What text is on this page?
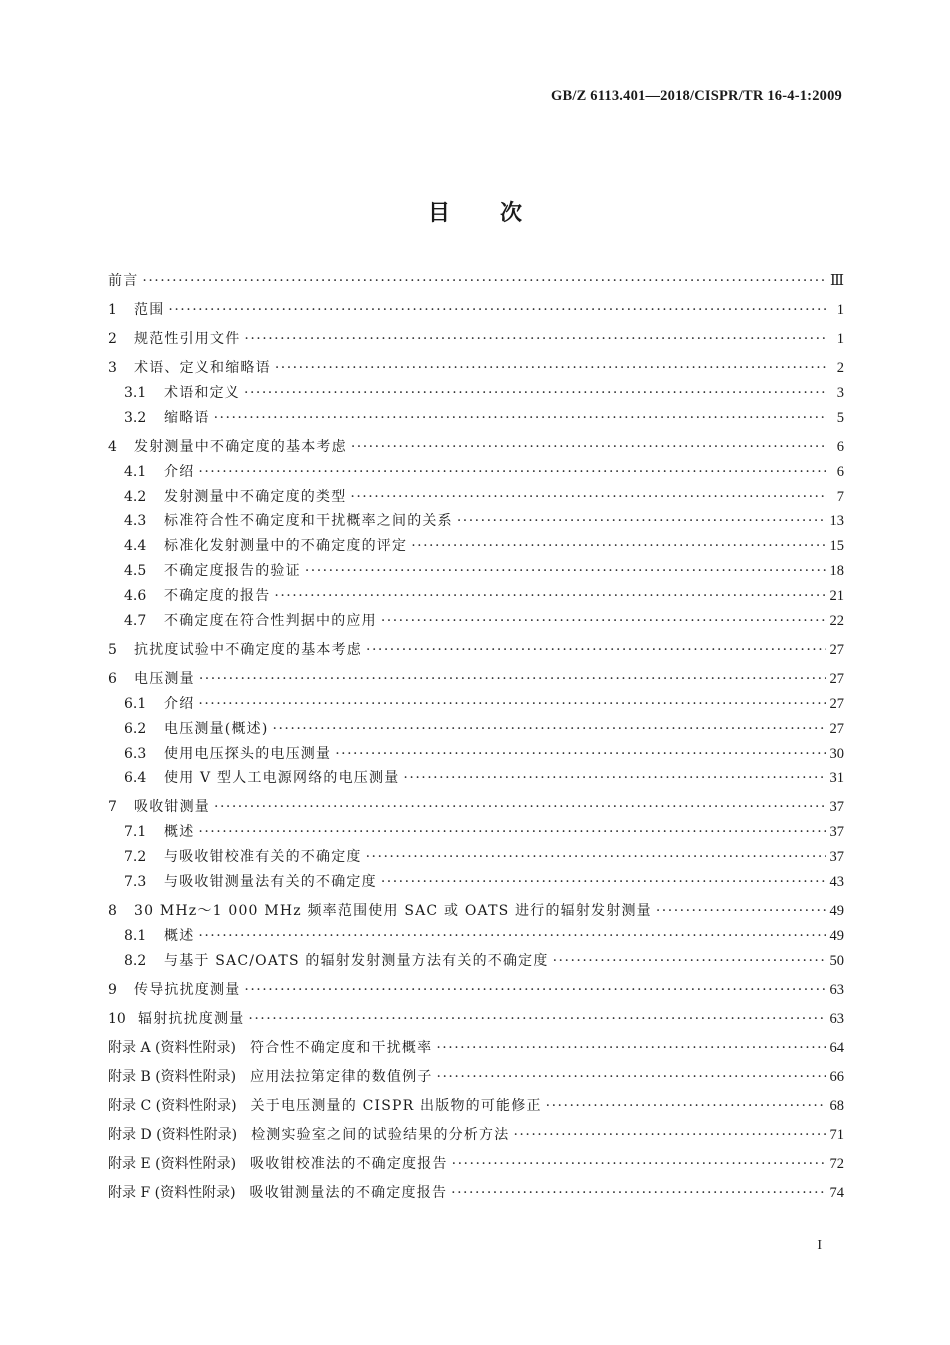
GB/Z 6113.401—2018/CISPR/TR 16-4-1:2009
目 次
前言 ·····	Ⅲ
1	范围 ·····	1
2	规范性引用文件 ·····	1
3	术语、定义和缩略语 ·····	2
3.1	术语和定义 ·····	3
3.2	缩略语 ·····	5
4	发射测量中不确定度的基本考虑 ·····	6
4.1	介绍 ·····	6
4.2	发射测量中不确定度的类型 ·····	7
4.3	标准符合性不确定度和干扰概率之间的关系 ·····	13
4.4	标准化发射测量中的不确定度的评定 ·····	15
4.5	不确定度报告的验证 ·····	18
4.6	不确定度的报告 ·····	21
4.7	不确定度在符合性判据中的应用 ·····	22
5	抗扰度试验中不确定度的基本考虑 ·····	27
6	电压测量 ·····	27
6.1	介绍 ·····	27
6.2	电压测量(概述) ·····	27
6.3	使用电压探头的电压测量 ·····	30
6.4	使用 V 型人工电源网络的电压测量 ·····	31
7	吸收钳测量 ·····	37
7.1	概述 ·····	37
7.2	与吸收钳校准有关的不确定度 ·····	37
7.3	与吸收钳测量法有关的不确定度 ·····	43
8	30 MHz～1 000 MHz 频率范围使用 SAC 或 OATS 进行的辐射发射测量 ·····	49
8.1	概述 ·····	49
8.2	与基于 SAC/OATS 的辐射发射测量方法有关的不确定度 ·····	50
9	传导抗扰度测量 ·····	63
10 辐射抗扰度测量 ·····	63
附录 A (资料性附录) 符合性不确定度和干扰概率 ·····	64
附录 B (资料性附录) 应用法拉第定律的数值例子 ·····	66
附录 C (资料性附录) 关于电压测量的 CISPR 出版物的可能修正 ·····	68
附录 D (资料性附录) 检测实验室之间的试验结果的分析方法 ·····	71
附录 E (资料性附录) 吸收钳校准法的不确定度报告 ·····	72
附录 F (资料性附录) 吸收钳测量法的不确定度报告 ·····	74
I
